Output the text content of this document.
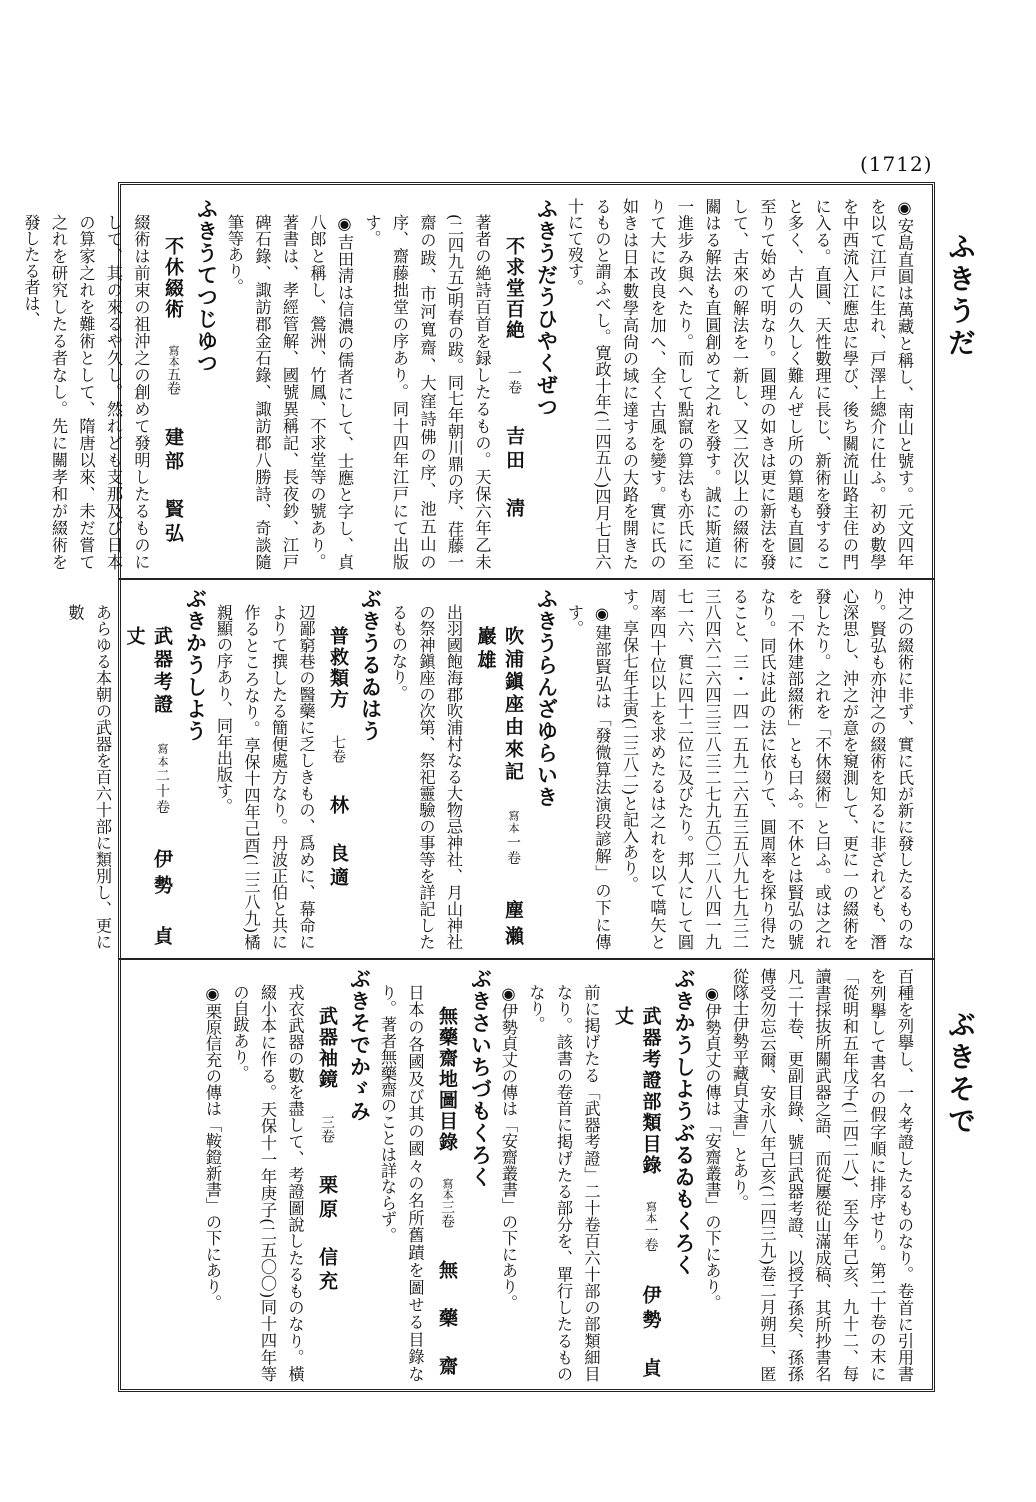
(1712)
ふきうだ
ぶきそで

◉安島直圓は萬藏と稱し、南山と號す。元文四年を以て江戸に生れ、戸澤上總介に仕ふ。初め數學を中西流入江應忠に學び、後ち關流山路主住の門に入る。直圓、天性數理に長じ、新術を發すること多く、古人の久しく難んぜし所の算題も直圓に至りて始めて明なり。圓理の如きは更に新法を發して、古來の解法を一新し、又二次以上の綴術に關はる解法も直圓創めて之れを發す。誠に斯道に一進步み與へたり。而して點竄の算法も亦氏に至りて大に改良を加へ、全く古風を變す。實に氏の如きは日本數學高尙の域に達するの大路を開きたるものと謂ふべし。寛政十年(二四五八)四月七日六十にて歿す。

ふきうだうひやくぜつ

不求堂百絶 一卷 吉田　淸

著者の絶詩百首を録したるもの。天保六年乙未(二四九五)明春の跋。同七年朝川鼎の序、荏藤一齋の跋、市河寬齋、大窪詩佛の序、池五山の序、齋藤拙堂の序あり。同十四年江戸にて出版す。

◉吉田淸は信濃の儒者にして、士應と字し、貞八郎と稱し、鶯洲、竹鳳、不求堂等の號あり。著書は、孝經管解、國號異稱記、長夜鈔、江戸碑石錄、諏訪郡金石錄、諏訪郡八勝詩、奇談隨筆等あり。

ふきうてつじゆつ

不休綴術 寫本五卷 建部　賢弘

綴術は前束の祖沖之の創めて發明したるものにして、其の來るや久し。然れども支那及び日本の算家之れを難術として、隋唐以來、未だ嘗て之れを研究したる者なし。先に關孝和が綴術を發したる者は、

沖之の綴術に非ず、實に氏が新に發したるものなり。賢弘も亦沖之の綴術を知るに非ざれども、潛心深思し、沖之が意を窺測して、更に一の綴術を發したり。之れを「不休綴術」と曰ふ。或は之れを「不休建部綴術」とも曰ふ。不休とは賢弘の號なり。同氏は此の法に依りて、圓周率を探り得たること、三・一四一五九二六五三五八九七九三二三八四六二六四三三八三二七九五〇二八八四一九七一六、實に四十二位に及びたり。邦人にして圓周率四十位以上を求めたるは之れを以て嚆矢とす。享保七年壬寅(二三八二)と記入あり。

◉建部賢弘は「發微算法演段諺解」の下に傳す。

ふきうらんざゆらいき

吹浦鎭座由來記 寫本一卷 塵瀨　巖雄

出羽國飽海郡吹浦村なる大物忌神社、月山神社の祭神鎭座の次第、祭祀靈驗の事等を詳記したるものなり。

ぶきうるゐはう

普救類方 七卷 林　良適

辺鄙窮巷の醫藥に乏しきもの、爲めに、幕命によりて撰したる簡便處方なり。丹波正伯と共に作るところなり。享保十四年己酉(二三八九)橘親顯の序あり、同年出版す。

ぶきかうしよう

武器考證 寫本二十卷 伊勢　貞丈

あらゆる本朝の武器を百六十部に類別し、更に數

百種を列擧し、一々考證したるものなり。卷首に引用書を列擧して書名の假字順に排序せり。第二十卷の末に「從明和五年戊子(二四二八)、至今年己亥、九十二、每讀書採抜所關武器之語、而從屢從山滿成稿、其所抄書名凡二十卷、更副目錄、號曰武器考證、以授子孫矣、孫孫傳受勿忘云爾、安永八年己亥(二四三九)卷二月朔旦、匿從隊士伊勢平藏貞丈書」とあり。

◉伊勢貞丈の傳は「安齋叢書」の下にあり。

ぶきかうしようぶるゐもくろく

武器考證部類目錄 寫本一卷 伊勢　貞丈

前に掲げたる「武器考證」二十卷百六十部の部類細目なり。該書の卷首に掲げたる部分を、單行したるものなり。

◉伊勢貞丈の傳は「安齋叢書」の下にあり。

ぶきさいちづもくろく

無藥齋地圖目錄 寫本三卷 無　藥　齋

日本の各國及び其の國々の名所舊蹟を圖せる目錄なり。著者無藥齋のことは詳ならず。

ぶきそでかゞみ

武器袖鏡 三卷 栗原　信充

戎衣武器の數を盡して、考證圖說したるものなり。橫綴小本に作る。天保十一年庚子(二五〇〇)同十四年等の自跋あり。

◉栗原信充の傳は「鞍鐙新書」の下にあり。
